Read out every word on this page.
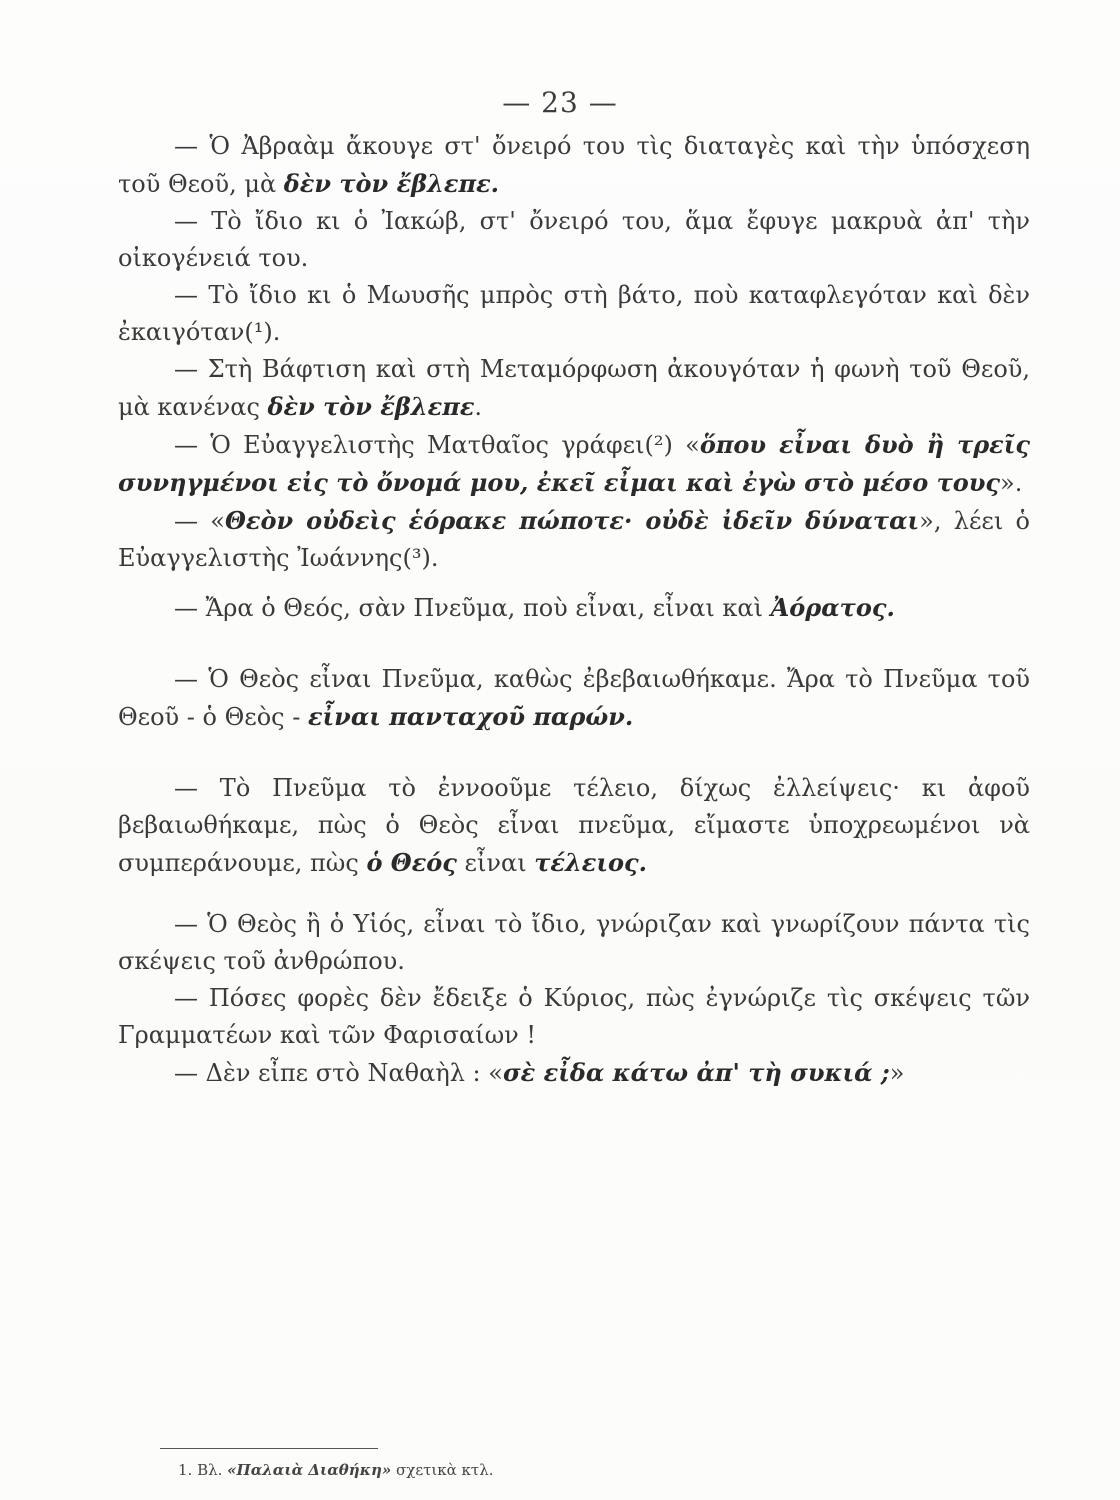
— 23 —

— Ὁ Ἀβραὰμ ἄκουγε στ' ὄνειρό του τὶς διαταγὲς καὶ τὴν ὑπόσχεση τοῦ Θεοῦ, μὰ δὲν τὸν ἔβλεπε.

— Τὸ ἴδιο κι ὁ Ἰακώβ, στ' ὄνειρό του, ἅμα ἔφυγε μακρυὰ ἀπ' τὴν οἰκογένειά του.

— Τὸ ἴδιο κι ὁ Μωυσῆς μπρὸς στὴ βάτο, ποὺ καταφλεγόταν καὶ δὲν ἐκαιγόταν(¹).

— Στὴ Βάφτιση καὶ στὴ Μεταμόρφωση ἀκουγόταν ἡ φωνὴ τοῦ Θεοῦ, μὰ κανένας δὲν τὸν ἔβλεπε.

— Ὁ Εὐαγγελιστὴς Ματθαῖος γράφει(²) «ὅπου εἶναι δυὸ ἢ τρεῖς συνηγμένοι εἰς τὸ ὄνομά μου, ἐκεῖ εἶμαι καὶ ἐγὼ στὸ μέσο τους».

— «Θεὸν οὐδεὶς ἑόρακε πώποτε· οὐδὲ ἰδεῖν δύναται», λέει ὁ Εὐαγγελιστὴς Ἰωάννης(³).

— Ἄρα ὁ Θεός, σὰν Πνεῦμα, ποὺ εἶναι, εἶναι καὶ Ἀόρατος.

— Ὁ Θεὸς εἶναι Πνεῦμα, καθὼς ἐβεβαιωθήκαμε. Ἄρα τὸ Πνεῦμα τοῦ Θεοῦ - ὁ Θεὸς - εἶναι πανταχοῦ παρών.

— Τὸ Πνεῦμα τὸ ἐννοοῦμε τέλειο, δίχως ἐλλείψεις· κι ἀφοῦ βεβαιωθήκαμε, πὼς ὁ Θεὸς εἶναι πνεῦμα, εἴμαστε ὑποχρεωμένοι νὰ συμπεράνουμε, πὼς ὁ Θεός εἶναι τέλειος.

— Ὁ Θεὸς ἢ ὁ Υἱός, εἶναι τὸ ἴδιο, γνώριζαν καὶ γνωρίζουν πάντα τὶς σκέψεις τοῦ ἀνθρώπου.

— Πόσες φορὲς δὲν ἔδειξε ὁ Κύριος, πὼς ἐγνώριζε τὶς σκέψεις τῶν Γραμματέων καὶ τῶν Φαρισαίων !

— Δὲν εἶπε στὸ Ναθαὴλ : «σὲ εἶδα κάτω ἀπ' τὴ συκιά ;»

1. Βλ. «Παλαιὰ Διαθήκη» σχετικὰ κτλ.
